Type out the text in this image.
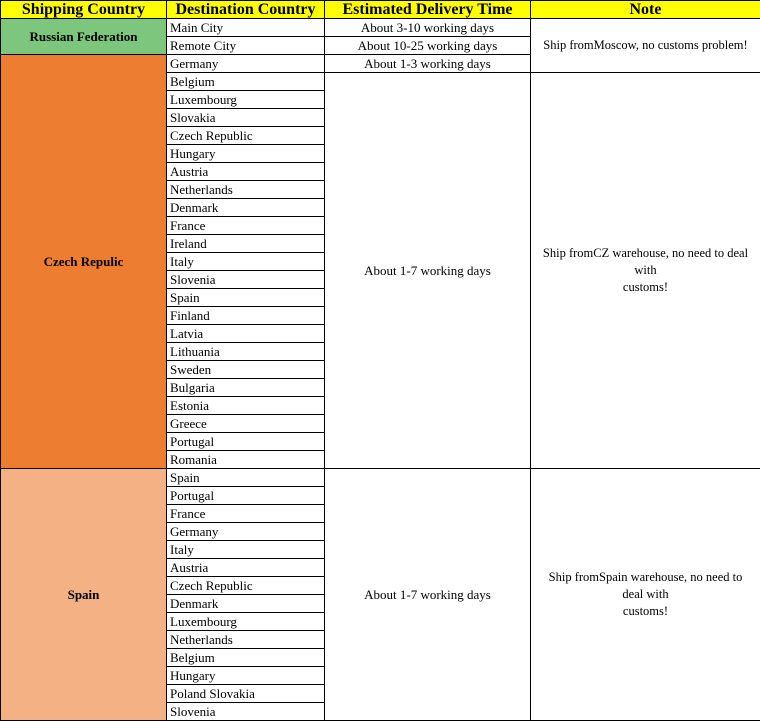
Shipping Country	Destination Country	Estimated Delivery Time	Note
Russian Federation	Main City	About 3-10 working days	Ship fromMoscow, no customs problem!
	Remote City	About 10-25 working days	
Czech Repulic	Germany	About 1-3 working days	
	Belgium	About 1-7 working days	Ship fromCZ warehouse, no need to deal
with
customs!

	Luxembourg		
	Slovakia		
	Czech Republic		
	Hungary		
	Austria		
	Netherlands		
	Denmark		
	France		
	Ireland		
	Italy		
	Slovenia		
	Spain		
	Finland		
	Latvia		
	Lithuania		
	Sweden		
	Bulgaria		
	Estonia		
	Greece		
	Portugal		
	Romania		
Spain	Spain	About 1-7 working days	Ship fromSpain warehouse, no need to
deal with
customs!

	Portugal		
	France		
	Germany		
	Italy		
	Austria		
	Czech Republic		
	Denmark		
	Luxembourg		
	Netherlands		
	Belgium		
	Hungary		
	Poland Slovakia		
	Slovenia		
